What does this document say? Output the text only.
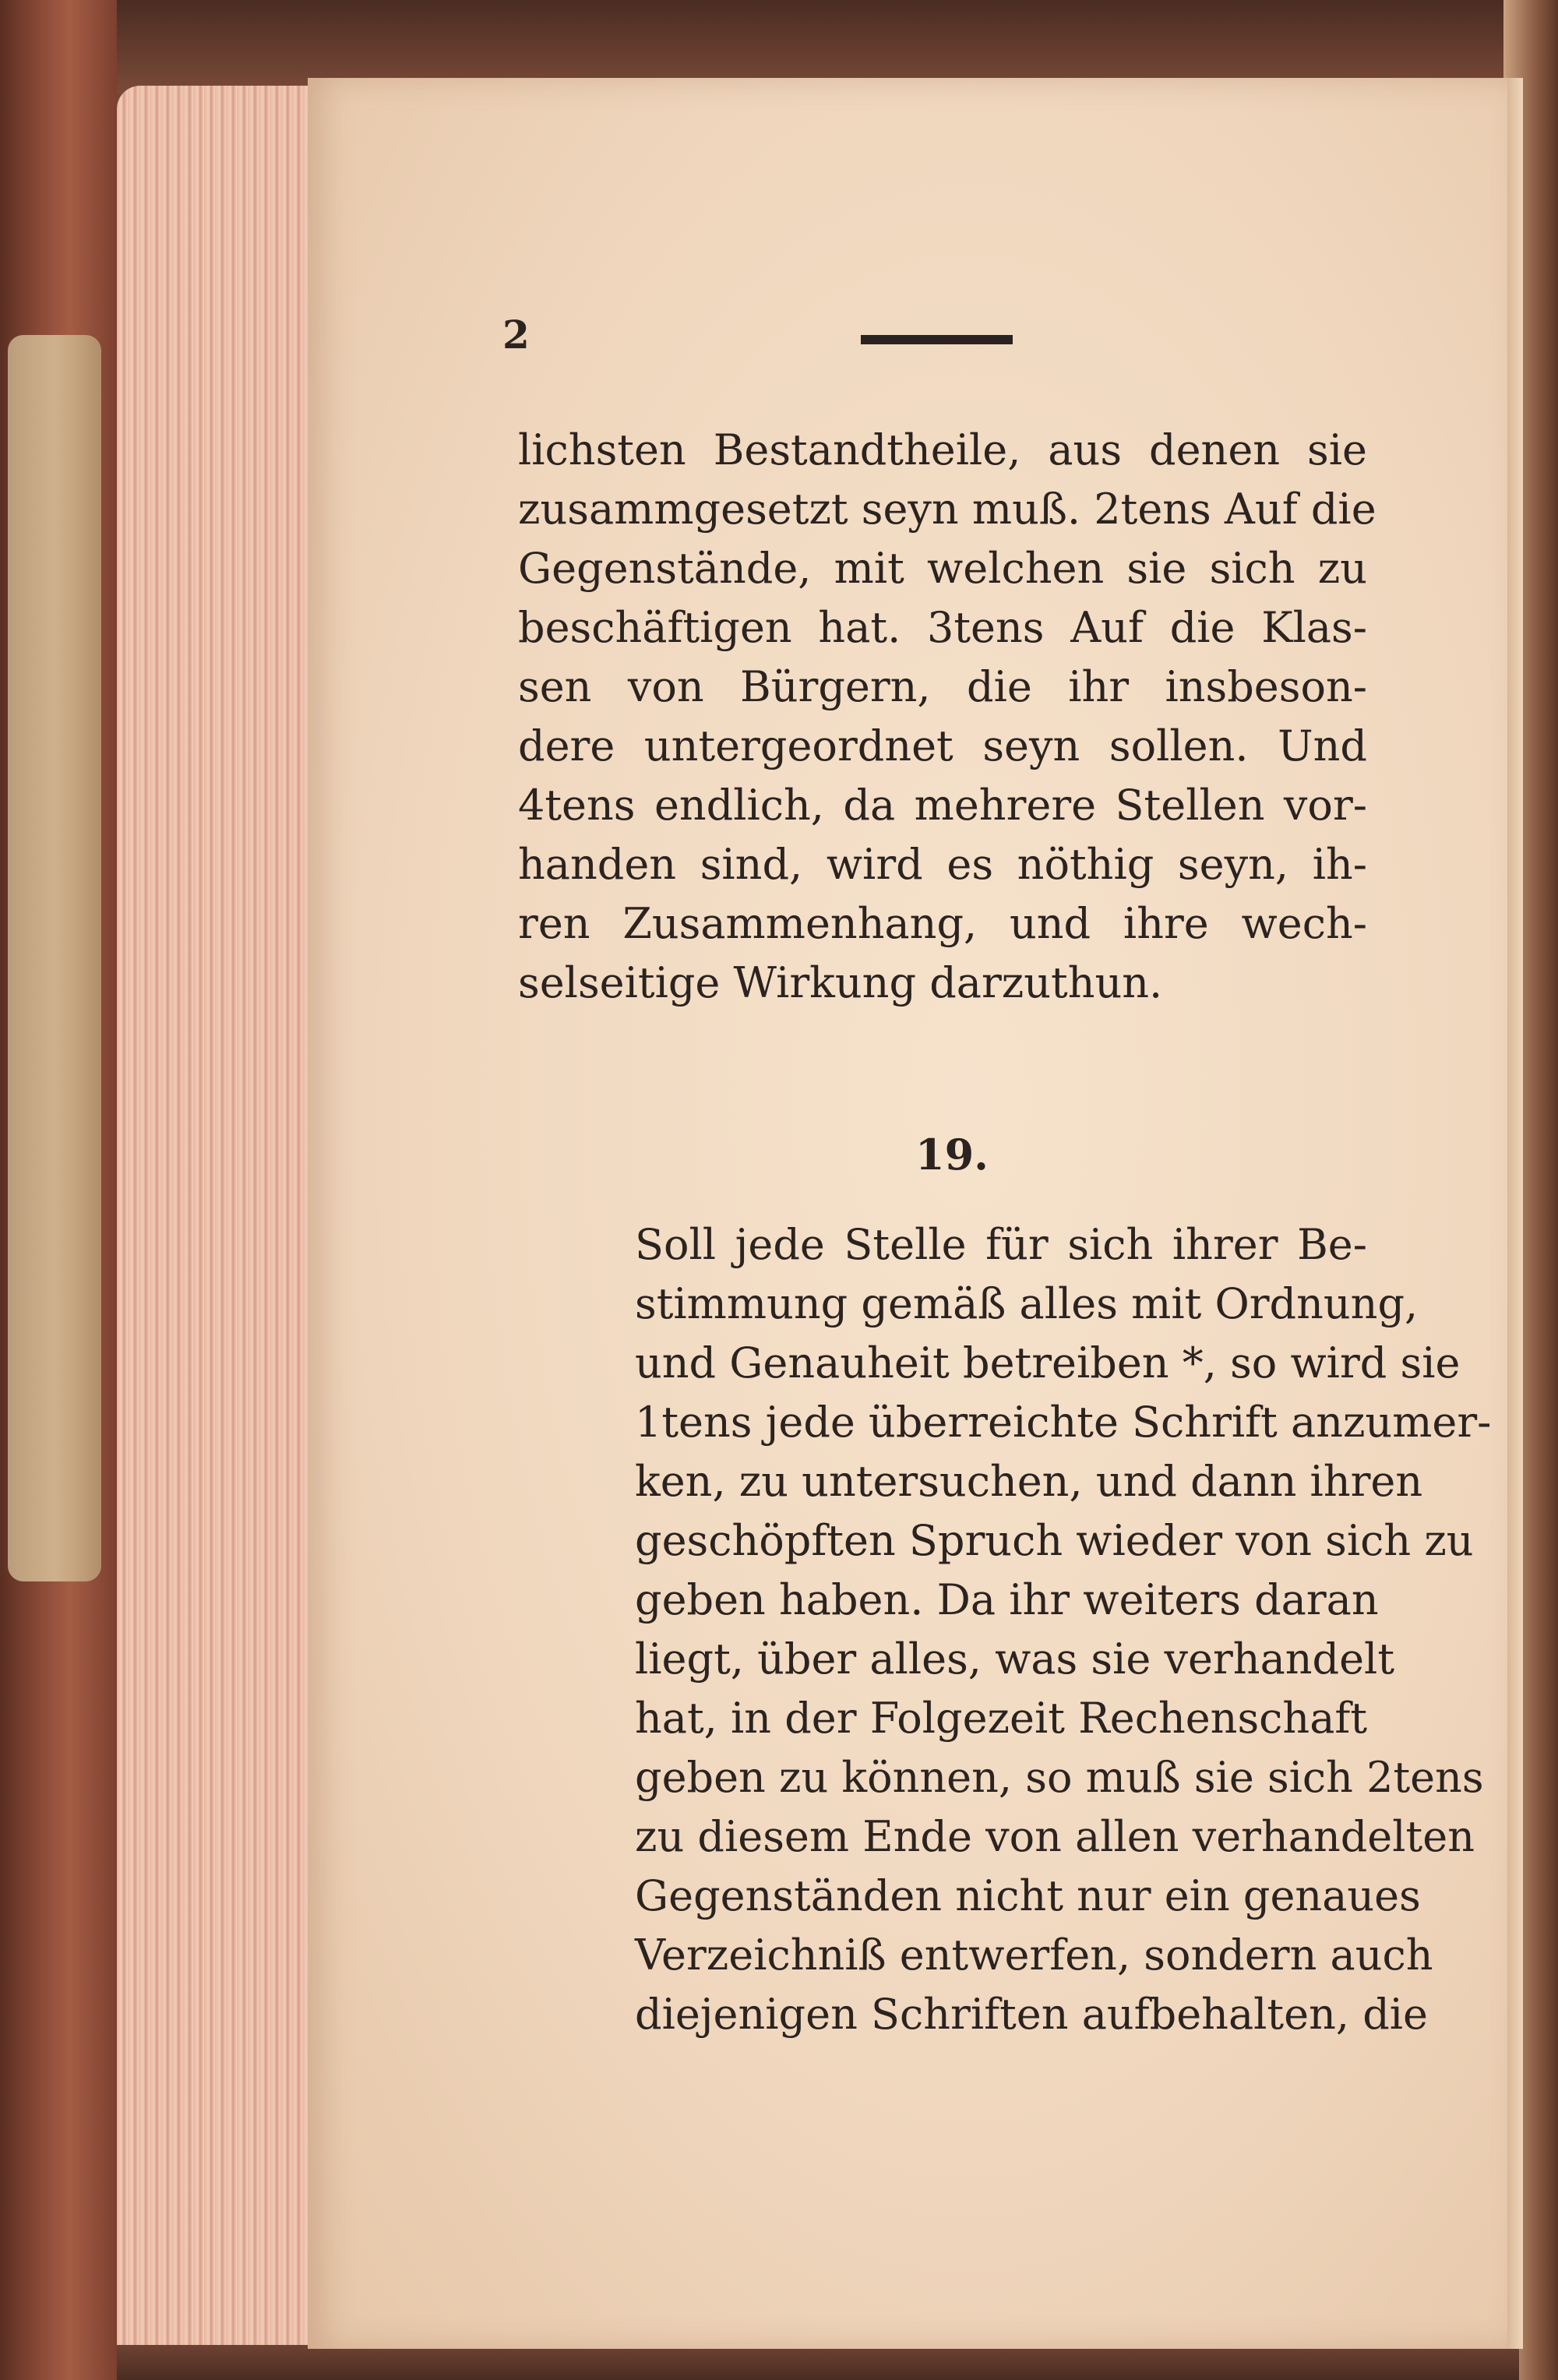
2
lichsten Bestandtheile, aus denen sie
zusammgesetzt seyn muß. 2tens Auf die
Gegenstände, mit welchen sie sich zu
beschäftigen hat. 3tens Auf die Klas-
sen von Bürgern, die ihr insbeson-
dere untergeordnet seyn sollen. Und
4tens endlich, da mehrere Stellen vor-
handen sind, wird es nöthig seyn, ih-
ren Zusammenhang, und ihre wech-
selseitige Wirkung darzuthun.
19.
Soll jede Stelle für sich ihrer Be-
stimmung gemäß alles mit Ordnung,
und Genauheit betreiben *, so wird sie
1tens jede überreichte Schrift anzumer-
ken, zu untersuchen, und dann ihren
geschöpften Spruch wieder von sich zu
geben haben. Da ihr weiters daran
liegt, über alles, was sie verhandelt
hat, in der Folgezeit Rechenschaft
geben zu können, so muß sie sich 2tens
zu diesem Ende von allen verhandelten
Gegenständen nicht nur ein genaues
Verzeichniß entwerfen, sondern auch
diejenigen Schriften aufbehalten, die
